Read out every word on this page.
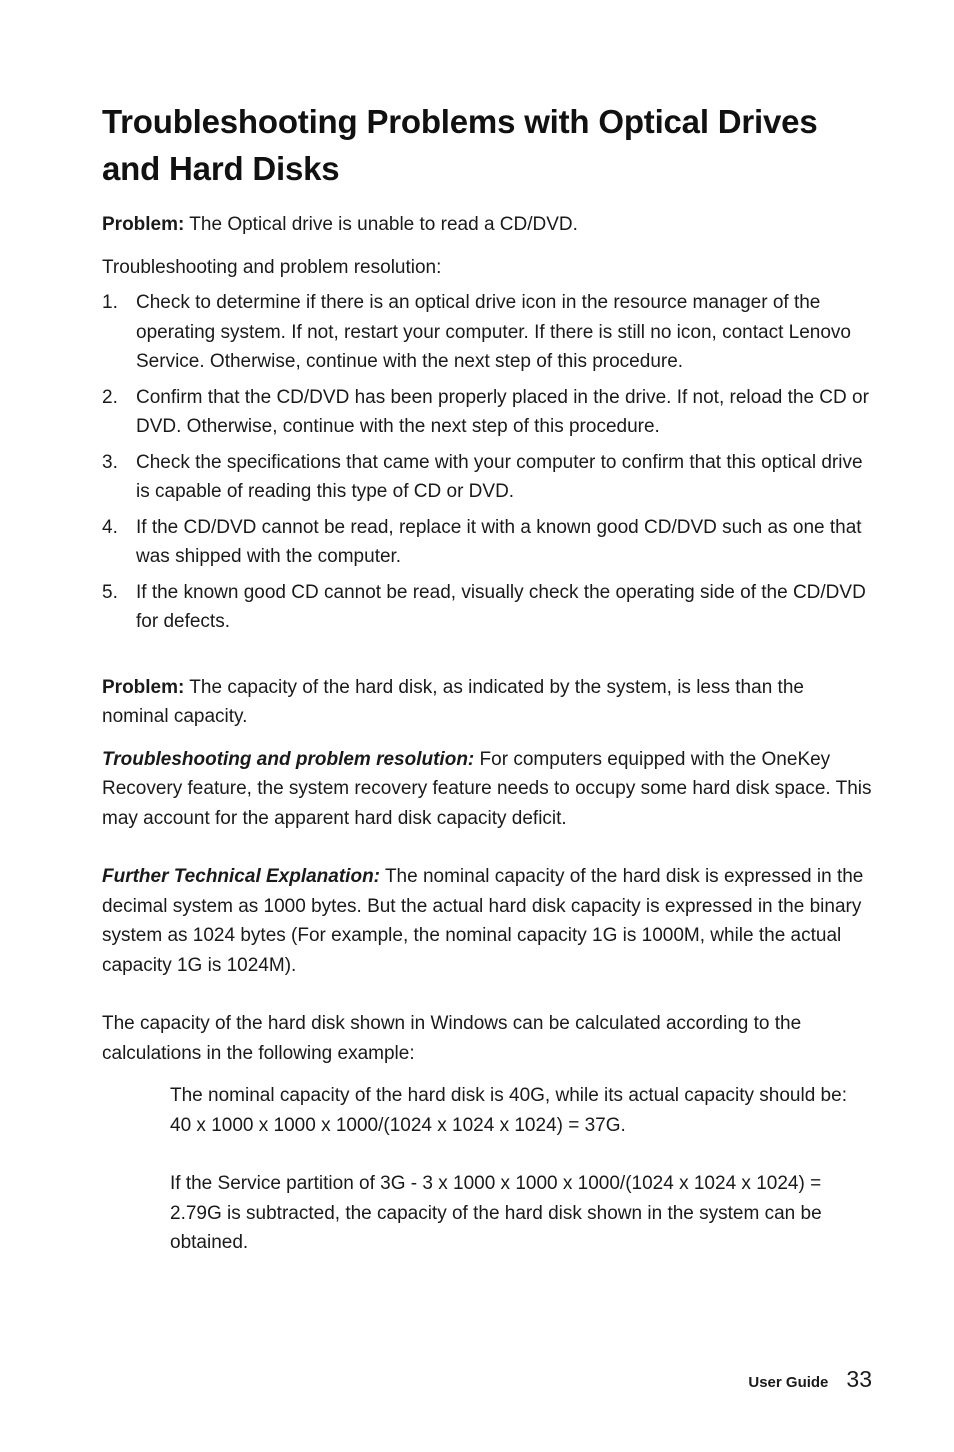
Troubleshooting Problems with Optical Drives and Hard Disks

Problem: The Optical drive is unable to read a CD/DVD.

Troubleshooting and problem resolution:

1. Check to determine if there is an optical drive icon in the resource manager of the operating system. If not, restart your computer. If there is still no icon, contact Lenovo Service. Otherwise, continue with the next step of this procedure.
2. Confirm that the CD/DVD has been properly placed in the drive. If not, reload the CD or DVD. Otherwise, continue with the next step of this procedure.
3. Check the specifications that came with your computer to confirm that this optical drive is capable of reading this type of CD or DVD.
4. If the CD/DVD cannot be read, replace it with a known good CD/DVD such as one that was shipped with the computer.
5. If the known good CD cannot be read, visually check the operating side of the CD/DVD for defects.

Problem: The capacity of the hard disk, as indicated by the system, is less than the nominal capacity.

Troubleshooting and problem resolution: For computers equipped with the OneKey Recovery feature, the system recovery feature needs to occupy some hard disk space. This may account for the apparent hard disk capacity deficit.

Further Technical Explanation: The nominal capacity of the hard disk is expressed in the decimal system as 1000 bytes. But the actual hard disk capacity is expressed in the binary system as 1024 bytes (For example, the nominal capacity 1G is 1000M, while the actual capacity 1G is 1024M).

The capacity of the hard disk shown in Windows can be calculated according to the calculations in the following example:

The nominal capacity of the hard disk is 40G, while its actual capacity should be: 40 x 1000 x 1000 x 1000/(1024 x 1024 x 1024) = 37G.

If the Service partition of 3G - 3 x 1000 x 1000 x 1000/(1024 x 1024 x 1024) = 2.79G is subtracted, the capacity of the hard disk shown in the system can be obtained.

User Guide 33
